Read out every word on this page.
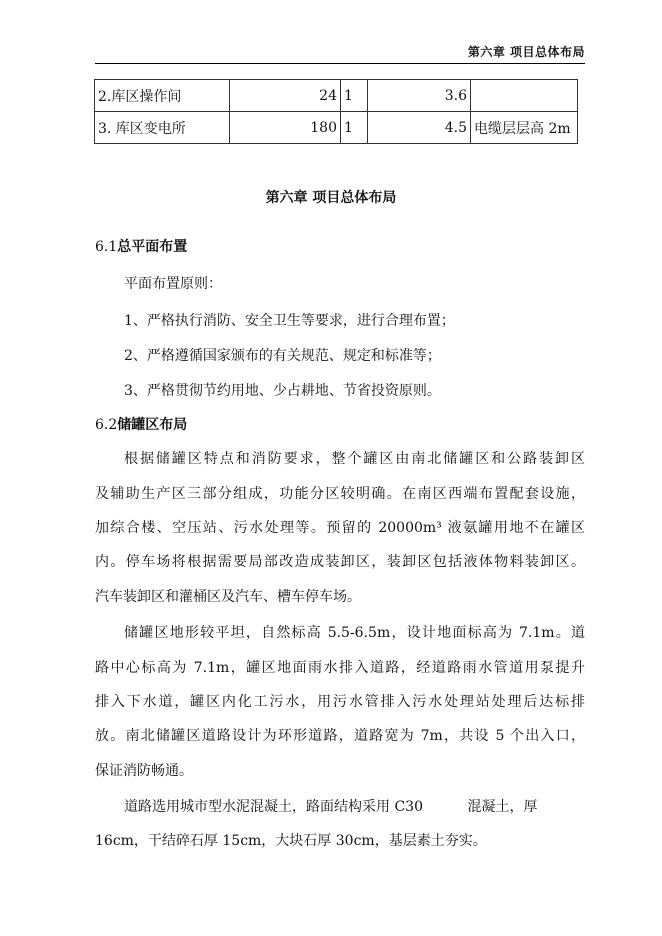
第六章 项目总体布局
2.库区操作间	24	1	3.6	
3. 库区变电所	180	1	4.5	电缆层层高 2m
第六章 项目总体布局
6.1总平面布置
平面布置原则：
1、严格执行消防、安全卫生等要求，进行合理布置；
2、严格遵循国家颁布的有关规范、规定和标准等；
3、严格贯彻节约用地、少占耕地、节省投资原则。
6.2储罐区布局
根据储罐区特点和消防要求，整个罐区由南北储罐区和公路装卸区
及辅助生产区三部分组成，功能分区较明确。在南区西端布置配套设施，
加综合楼、空压站、污水处理等。预留的 20000m³ 液氨罐用地不在罐区
内。停车场将根据需要局部改造成装卸区，装卸区包括液体物料装卸区。
汽车装卸区和灌桶区及汽车、槽车停车场。
储罐区地形较平坦，自然标高 5.5-6.5m，设计地面标高为 7.1m。道
路中心标高为 7.1m，罐区地面雨水排入道路，经道路雨水管道用泵提升
排入下水道，罐区内化工污水，用污水管排入污水处理站处理后达标排
放。南北储罐区道路设计为环形道路，道路宽为 7m，共设 5 个出入口，
保证消防畅通。
道路选用城市型水泥混凝土，路面结构采用 C30          混凝土，厚
16cm，干结碎石厚 15cm，大块石厚 30cm，基层素土夯实。
